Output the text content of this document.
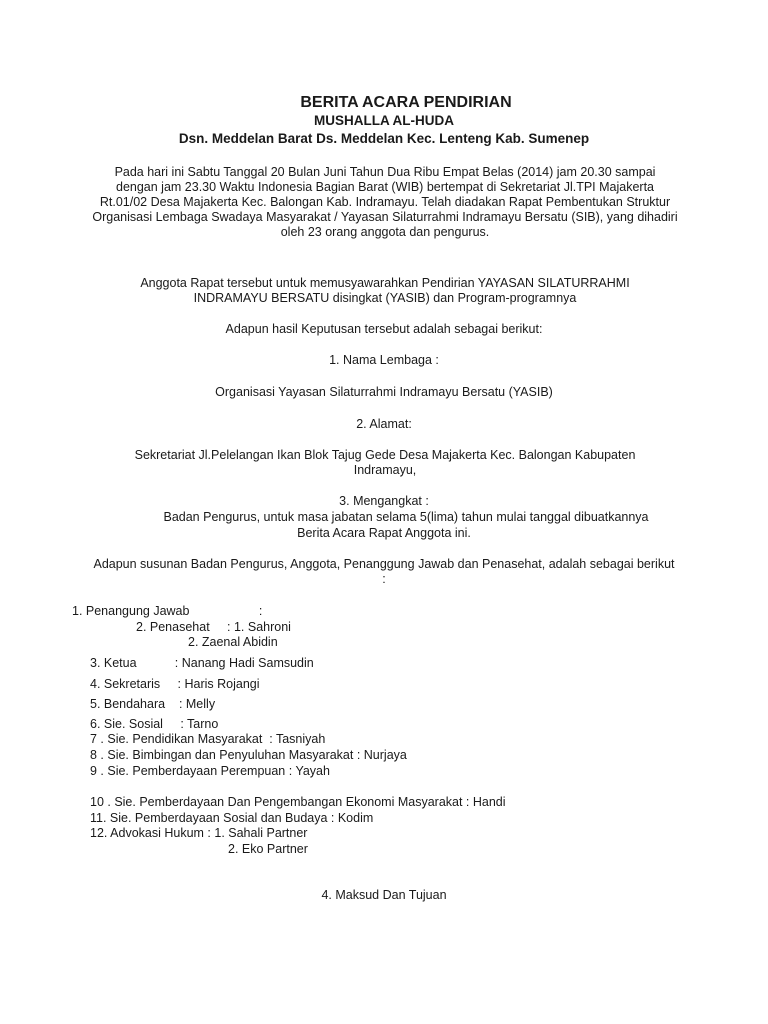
BERITA ACARA PENDIRIAN
MUSHALLA AL-HUDA
Dsn. Meddelan Barat Ds. Meddelan Kec. Lenteng Kab. Sumenep
Pada hari ini Sabtu Tanggal 20 Bulan Juni Tahun Dua Ribu Empat Belas (2014) jam 20.30 sampai dengan jam 23.30 Waktu Indonesia Bagian Barat (WIB) bertempat di Sekretariat Jl.TPI Majakerta Rt.01/02 Desa Majakerta Kec. Balongan Kab. Indramayu. Telah diadakan Rapat Pembentukan Struktur Organisasi Lembaga Swadaya Masyarakat / Yayasan Silaturrahmi Indramayu Bersatu (SIB), yang dihadiri oleh 23 orang anggota dan pengurus.
Anggota Rapat tersebut untuk memusyawarahkan Pendirian YAYASAN SILATURRAHMI INDRAMAYU BERSATU disingkat (YASIB) dan Program-programnya
Adapun hasil Keputusan tersebut adalah sebagai berikut:
1. Nama Lembaga :
Organisasi Yayasan Silaturrahmi Indramayu Bersatu (YASIB)
2. Alamat:
Sekretariat Jl.Pelelangan Ikan Blok Tajug Gede Desa Majakerta Kec. Balongan Kabupaten Indramayu,
3. Mengangkat :
Badan Pengurus, untuk masa jabatan selama 5(lima) tahun mulai tanggal dibuatkannya
Berita Acara Rapat Anggota ini.
Adapun susunan Badan Pengurus, Anggota, Penanggung Jawab dan Penasehat, adalah sebagai berikut :
1. Penangung Jawab                    :
2. Penasehat     : 1. Sahroni
2. Zaenal Abidin
3. Ketua           : Nanang Hadi Samsudin
4. Sekretaris     : Haris Rojangi
5. Bendahara    : Melly
6. Sie. Sosial     : Tarno
7 . Sie. Pendidikan Masyarakat  : Tasniyah
8 . Sie. Bimbingan dan Penyuluhan Masyarakat : Nurjaya
9 . Sie. Pemberdayaan Perempuan : Yayah
10 . Sie. Pemberdayaan Dan Pengembangan Ekonomi Masyarakat : Handi
11. Sie. Pemberdayaan Sosial dan Budaya : Kodim
12. Advokasi Hukum : 1. Sahali Partner
2. Eko Partner
4. Maksud Dan Tujuan
